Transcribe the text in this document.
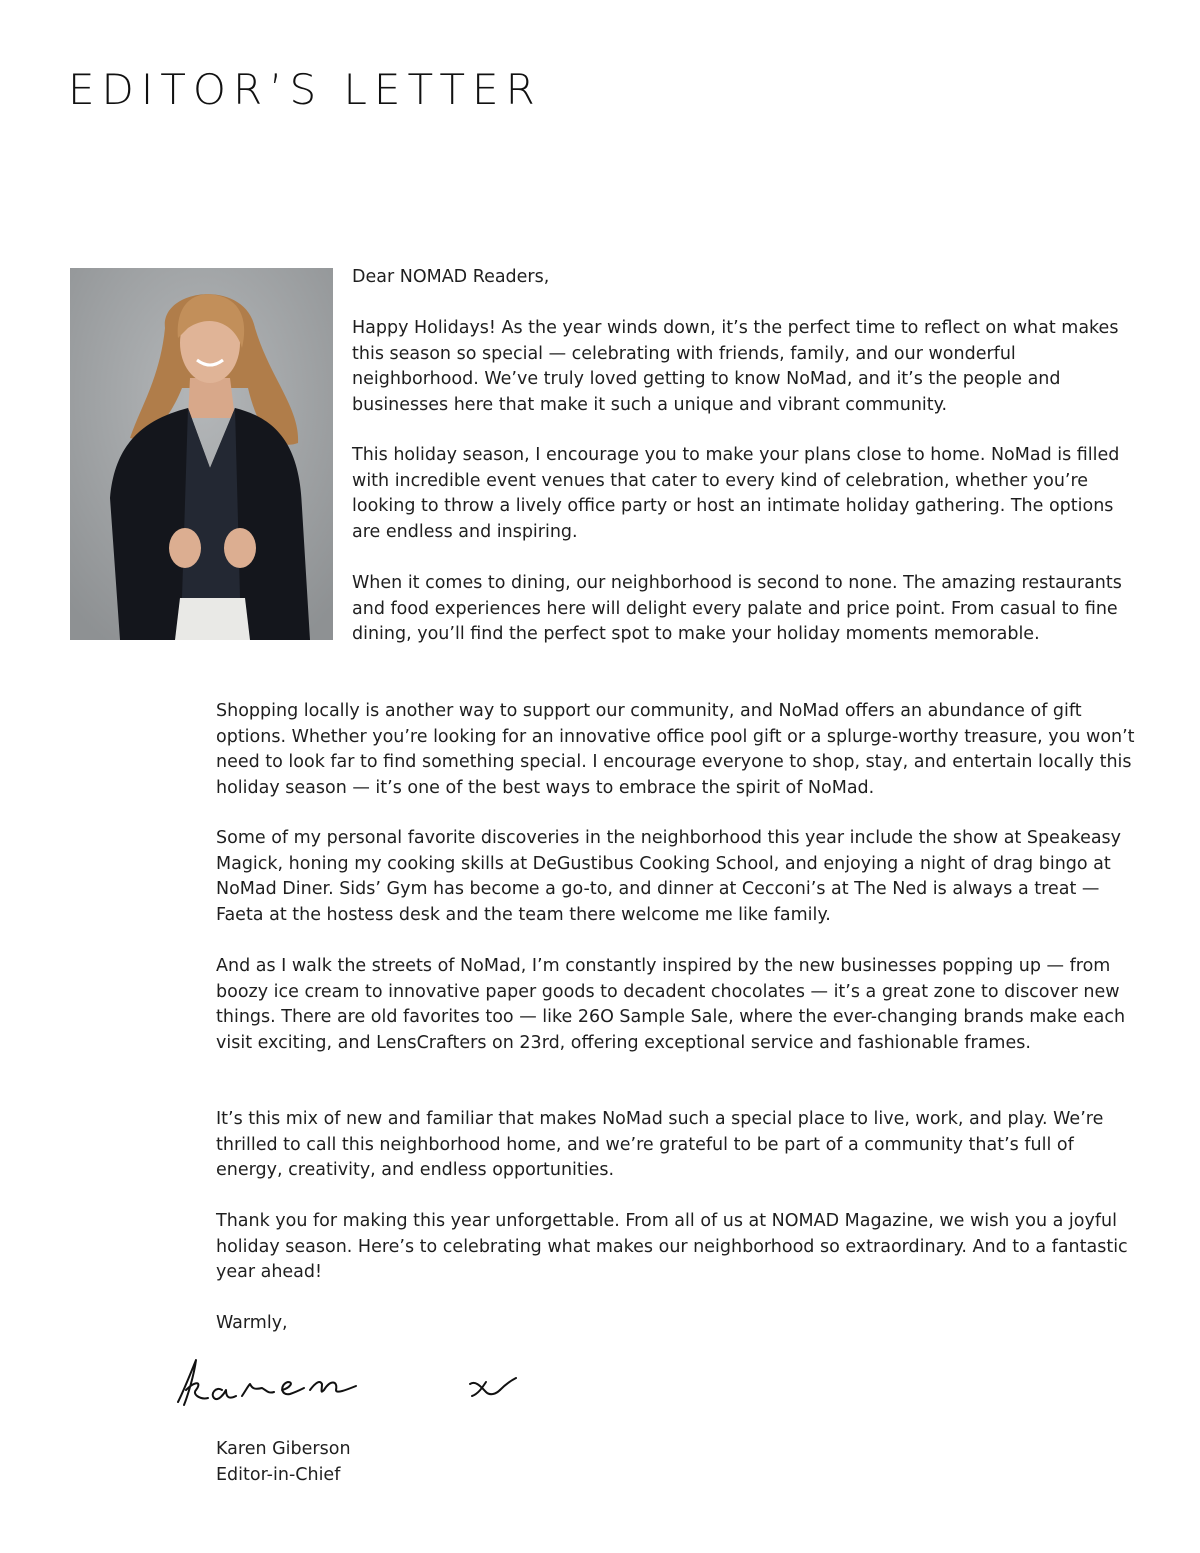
EDITOR’S LETTER

Dear NOMAD Readers,

Happy Holidays! As the year winds down, it’s the perfect time to reflect on what makes this season so special — celebrating with friends, family, and our wonderful neighborhood. We’ve truly loved getting to know NoMad, and it’s the people and businesses here that make it such a unique and vibrant community.

This holiday season, I encourage you to make your plans close to home. NoMad is filled with incredible event venues that cater to every kind of celebration, whether you’re looking to throw a lively office party or host an intimate holiday gathering. The options are endless and inspiring.

When it comes to dining, our neighborhood is second to none. The amazing restaurants and food experiences here will delight every palate and price point. From casual to fine dining, you’ll find the perfect spot to make your holiday moments memorable.

Shopping locally is another way to support our community, and NoMad offers an abundance of gift options. Whether you’re looking for an innovative office pool gift or a splurge-worthy treasure, you won’t need to look far to find something special. I encourage everyone to shop, stay, and entertain locally this holiday season — it’s one of the best ways to embrace the spirit of NoMad.

Some of my personal favorite discoveries in the neighborhood this year include the show at Speakeasy Magick, honing my cooking skills at DeGustibus Cooking School, and enjoying a night of drag bingo at NoMad Diner. Sids’ Gym has become a go-to, and dinner at Cecconi’s at The Ned is always a treat — Faeta at the hostess desk and the team there welcome me like family.

And as I walk the streets of NoMad, I’m constantly inspired by the new businesses popping up — from boozy ice cream to innovative paper goods to decadent chocolates — it’s a great zone to discover new things. There are old favorites too — like 26O Sample Sale, where the ever-changing brands make each visit exciting, and LensCrafters on 23rd, offering exceptional service and fashionable frames.

It’s this mix of new and familiar that makes NoMad such a special place to live, work, and play. We’re thrilled to call this neighborhood home, and we’re grateful to be part of a community that’s full of energy, creativity, and endless opportunities.

Thank you for making this year unforgettable. From all of us at NOMAD Magazine, we wish you a joyful holiday season. Here’s to celebrating what makes our neighborhood so extraordinary. And to a fantastic year ahead!

Warmly,

Karen Giberson

Editor-in-Chief
